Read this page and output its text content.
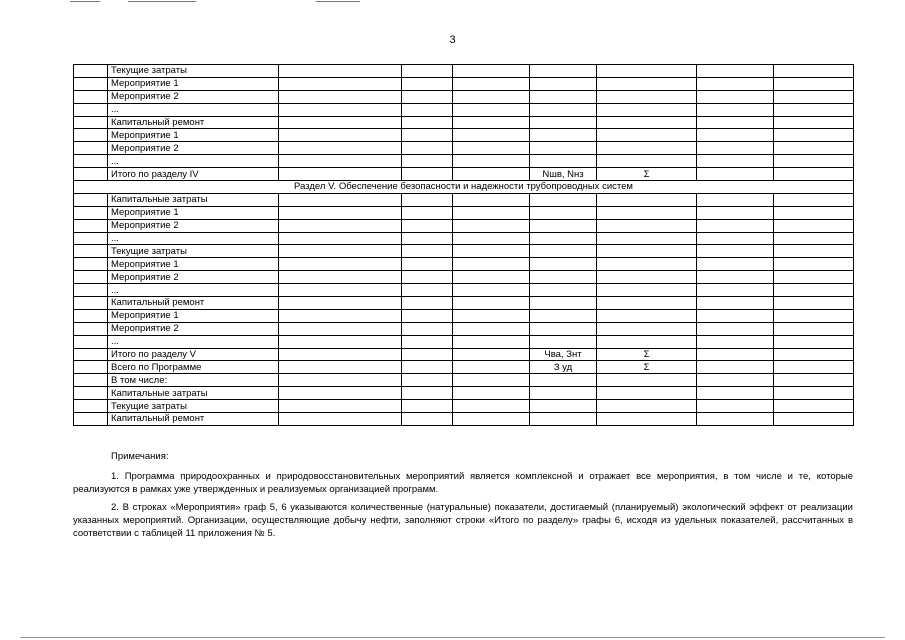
3
	Текущие затраты							
	Мероприятие 1							
	Мероприятие 2							
	...							
	Капитальный ремонт							
	Мероприятие 1							
	Мероприятие 2							
	...							
	Итого по разделу IV				Nшв, Nнз	Σ		
Раздел V. Обеспечение безопасности и надежности трубопроводных систем								
	Капитальные затраты							
	Мероприятие 1							
	Мероприятие 2							
	...							
	Текущие затраты							
	Мероприятие 1							
	Мероприятие 2							
	...							
	Капитальный ремонт							
	Мероприятие 1							
	Мероприятие 2							
	...							
	Итого по разделу V				Чва, Знт	Σ		
	Всего по Программе				З уд	Σ		
	В том числе:							
	Капитальные затраты							
	Текущие затраты							
	Капитальный ремонт							

Примечания:

1. Программа природоохранных и природовосстановительных мероприятий является комплексной и отражает все мероприятия, в том числе и те, которые реализуются в рамках уже утвержденных и реализуемых организацией программ.

2. В строках «Мероприятия» граф 5, 6 указываются количественные (натуральные) показатели, достигаемый (планируемый) экологический эффект от реализации указанных мероприятий. Организации, осуществляющие добычу нефти, заполняют строки «Итого по разделу» графы 6, исходя из удельных показателей, рассчитанных в соответствии с таблицей 11 приложения № 5.
